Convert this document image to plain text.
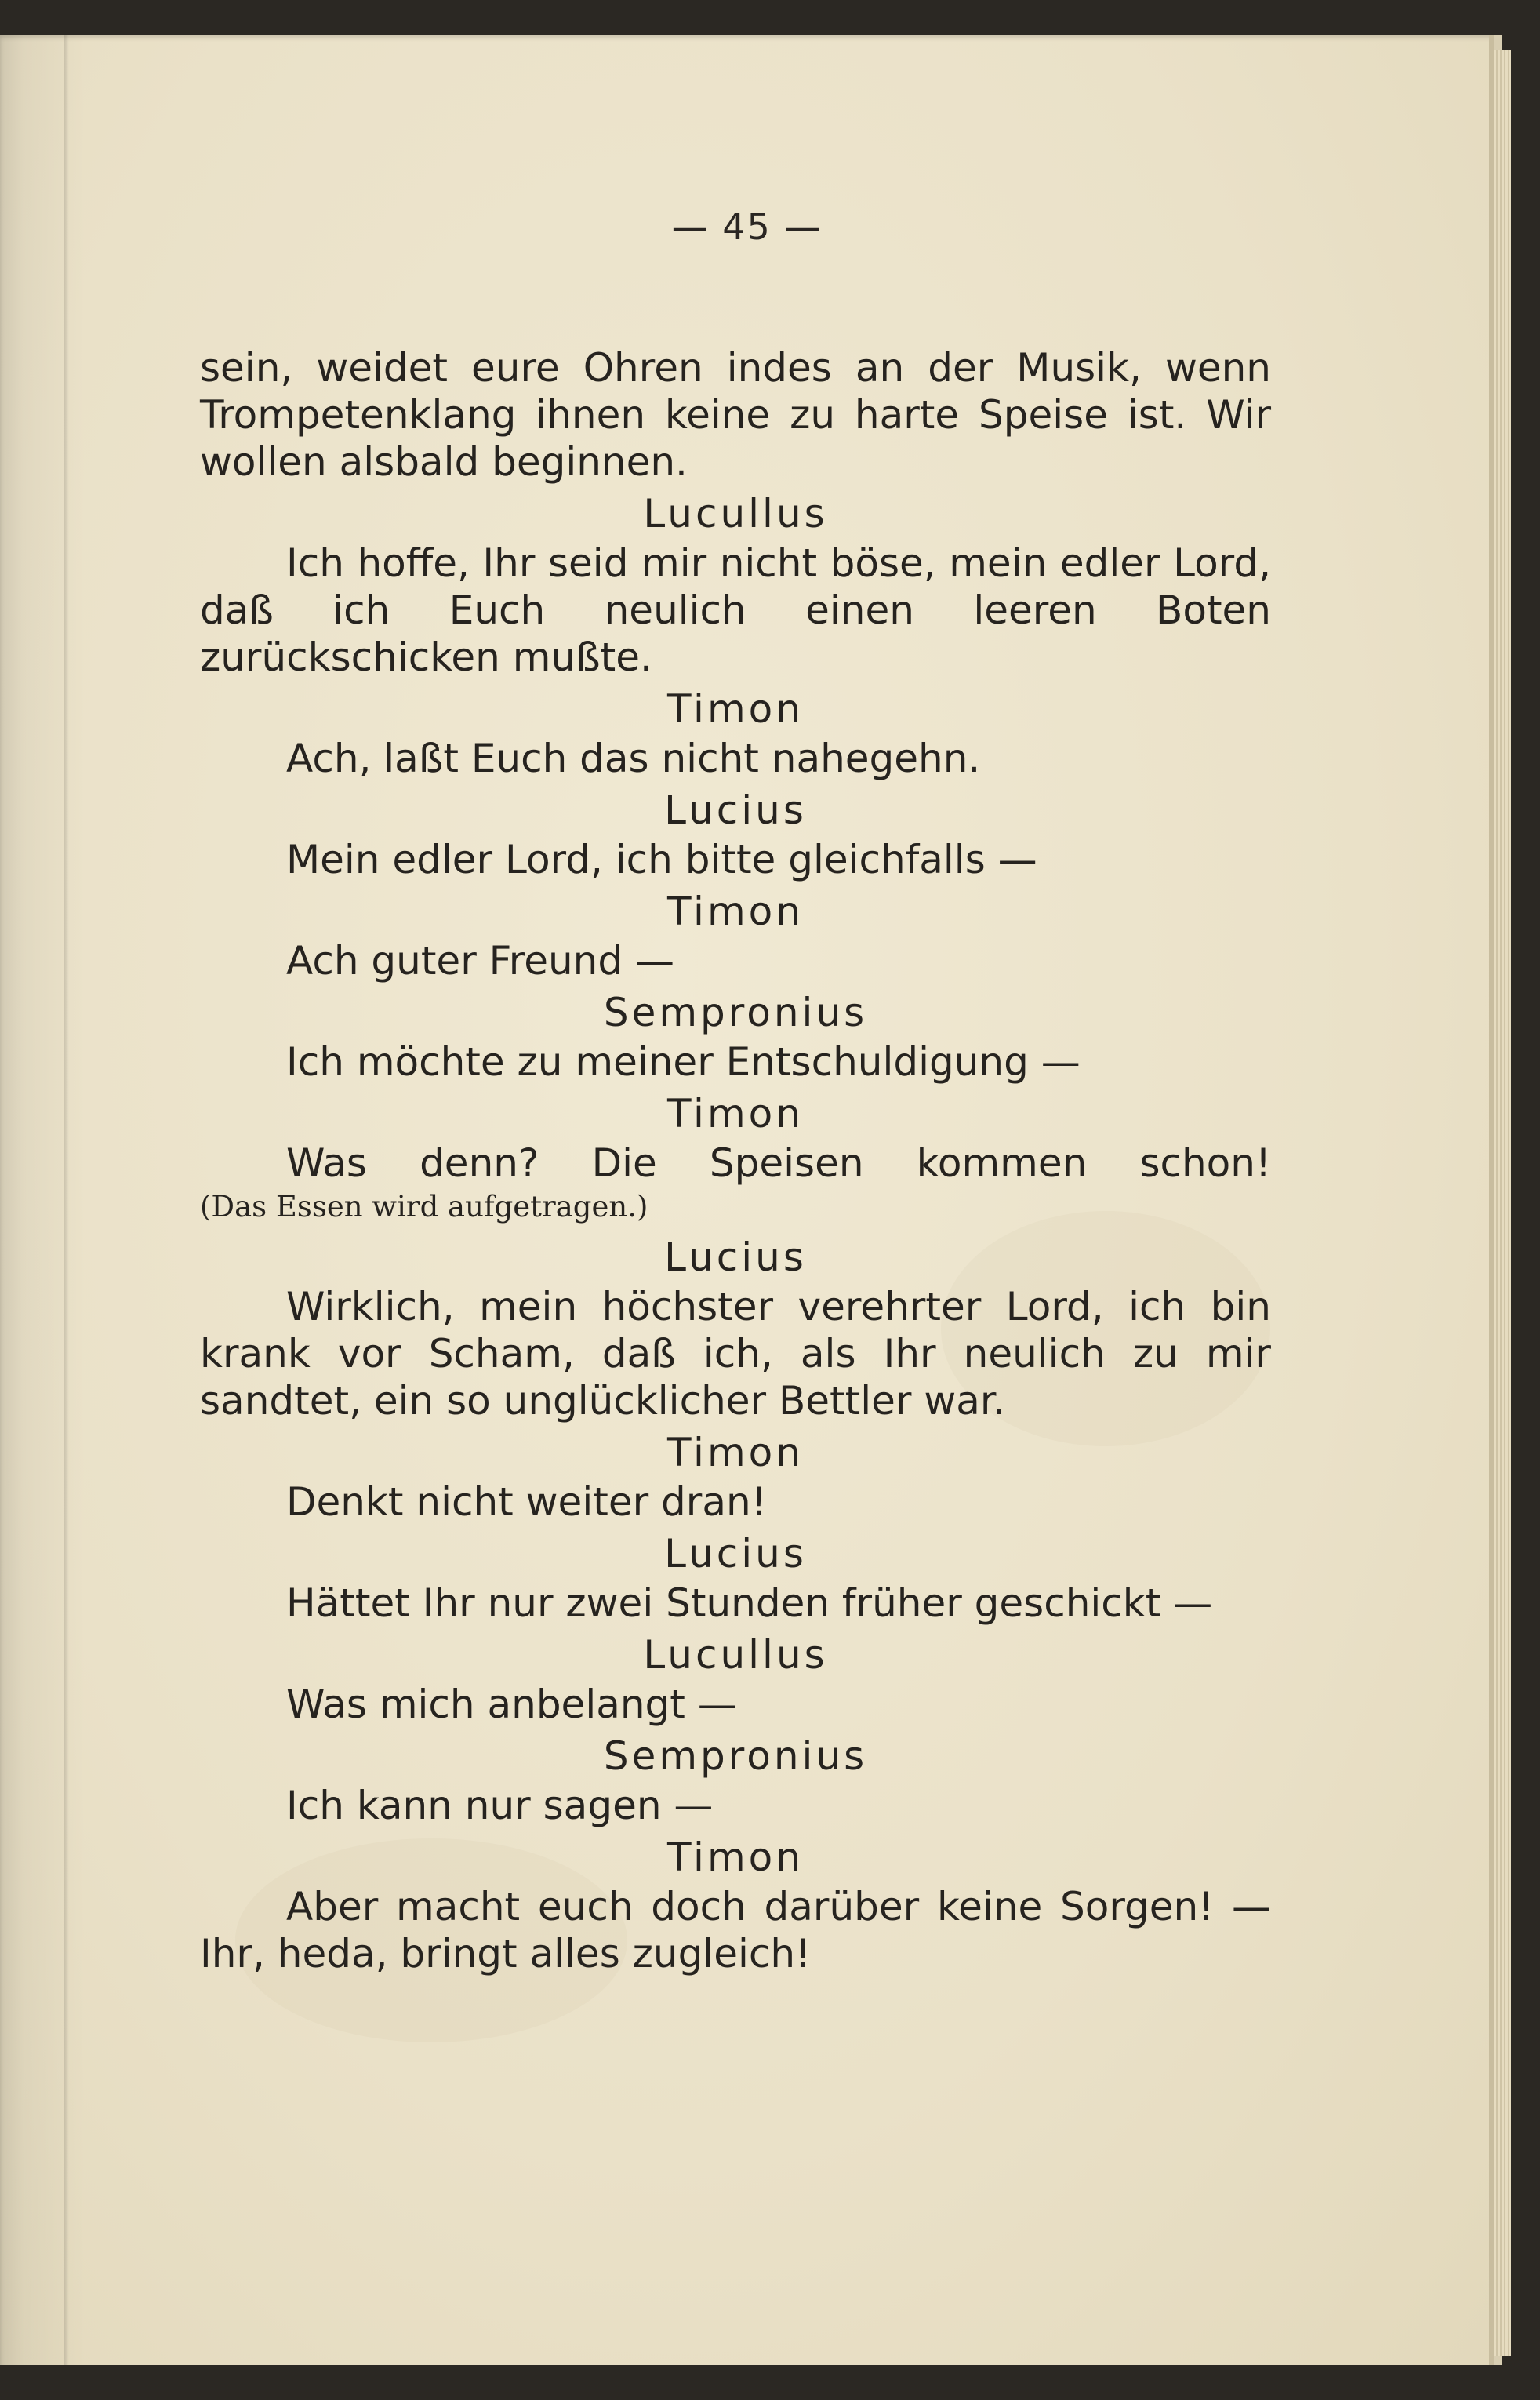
— 45 —

sein, weidet eure Ohren indes an der Musik, wenn Trompetenklang ihnen keine zu harte Speise ist. Wir wollen alsbald beginnen.

Lucullus

Ich hoffe, Ihr seid mir nicht böse, mein edler Lord, daß ich Euch neulich einen leeren Boten zurückschicken mußte.

Timon

Ach, laßt Euch das nicht nahegehn.

Lucius

Mein edler Lord, ich bitte gleichfalls —

Timon

Ach guter Freund —

Sempronius

Ich möchte zu meiner Entschuldigung —

Timon

Was denn? Die Speisen kommen schon!

(Das Essen wird aufgetragen.)

Lucius

Wirklich, mein höchster verehrter Lord, ich bin krank vor Scham, daß ich, als Ihr neulich zu mir sandtet, ein so unglücklicher Bettler war.

Timon

Denkt nicht weiter dran!

Lucius

Hättet Ihr nur zwei Stunden früher geschickt —

Lucullus

Was mich anbelangt —

Sempronius

Ich kann nur sagen —

Timon

Aber macht euch doch darüber keine Sorgen! — Ihr, heda, bringt alles zugleich!
